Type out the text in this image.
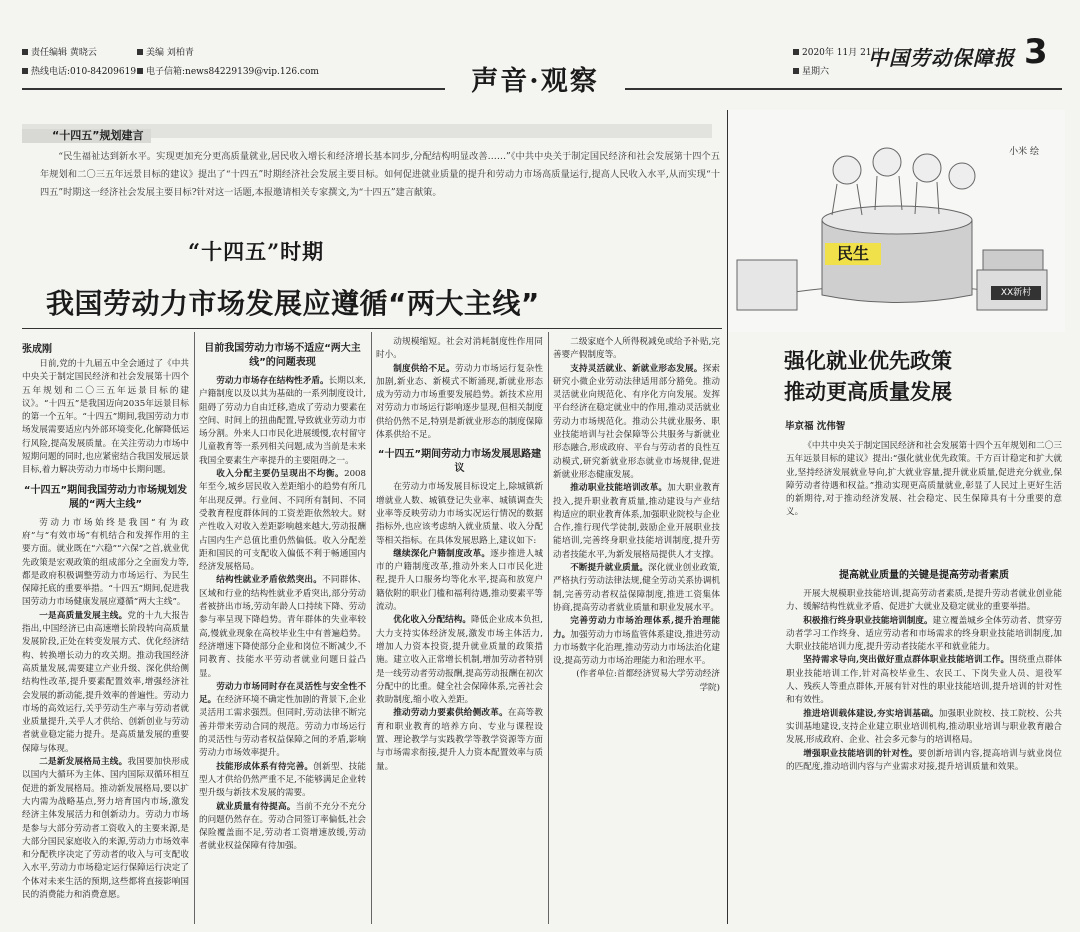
责任编辑 黄晓云
热线电话:010-84209619
美编 刘柏青
电子信箱:news84229139@vip.126.com
2020年 11月 21日
星期六
中国劳动保障报 3
声音·观察
“十四五”规划建言
“民生福祉达到新水平。实现更加充分更高质量就业,居民收入增长和经济增长基本同步,分配结构明显改善……”《中共中央关于制定国民经济和社会发展第十四个五年规划和二〇三五年远景目标的建议》提出了“十四五”时期经济社会发展主要目标。如何促进就业质量的提升和劳动力市场高质量运行,提高人民收入水平,从而实现“十四五”时期这一经济社会发展主要目标?针对这一话题,本报邀请相关专家撰文,为“十四五”建言献策。
小米 绘
民生
XX新村
“十四五”时期
我国劳动力市场发展应遵循“两大主线”
张成刚

日前,党的十九届五中全会通过了《中共中央关于制定国民经济和社会发展第十四个五年规划和二〇三五年远景目标的建议》。“十四五”是我国迈向2035年远景目标的第一个五年。“十四五”期间,我国劳动力市场发展需要适应内外部环境变化,化解降低运行风险,提高发展质量。在关注劳动力市场中短期问题的同时,也应紧密结合我国发展远景目标,着力解决劳动力市场中长期问题。

“十四五”期间我国劳动力市场规划发展的“两大主线”

劳动力市场始终是我国“有为政府”与“有效市场”有机结合和发挥作用的主要方面。就业既在“六稳”“六保”之首,就业优先政策是宏观政策的组成部分之全面发力等,都是政府积极调整劳动力市场运行、为民生保障托底的重要举措。“十四五”期间,促进我国劳动力市场健康发展应遵循“两大主线”。

一是高质量发展主线。党的十九大报告指出,中国经济已由高速增长阶段转向高质量发展阶段,正处在转变发展方式、优化经济结构、转换增长动力的攻关期。推动我国经济高质量发展,需要建立产业升级、深化供给侧结构性改革,提升要素配置效率,增强经济社会发展的新动能,提升效率的普遍性。劳动力市场的高效运行,关乎劳动生产率与劳动者就业质量提升,关乎人才供给、创新创业与劳动者就业稳定能力提升。是高质量发展的重要保障与体现。

二是新发展格局主线。我国要加快形成以国内大循环为主体、国内国际双循环相互促进的新发展格局。推动新发展格局,要以扩大内需为战略基点,努力培育国内市场,激发经济主体发展活力和创新动力。劳动力市场是参与大部分劳动者工资收入的主要来源,是大部分国民家庭收入的来源,劳动力市场效率和分配秩序决定了劳动者的收入与可支配收入水平,劳动力市场稳定运行保障运行决定了个体对未来生活的预期,这些都将直接影响国民的消费能力和消费意愿。

目前我国劳动力市场不适应“两大主线”的问题表现

劳动力市场存在结构性矛盾。长期以来,户籍制度以及以其为基础的一系列制度设计,阻碍了劳动力自由迁移,造成了劳动力要素在空间、时间上的扭曲配置,导致就业劳动力市场分割。外来人口市民化进展缓慢,农村留守儿童教育等一系列相关问题,成为当前是未来我国全要素生产率提升的主要阻碍之一。

收入分配主要仍呈现出不均衡。2008年至今,城乡居民收入差距缩小的趋势有所几年出现反弹。行业间、不同所有制间、不同受教育程度群体间的工资差距依然较大。财产性收入对收入差距影响越来越大,劳动报酬占国内生产总值比重仍然偏低。收入分配差距和国民的可支配收入偏低不利于畅通国内经济发展格局。

结构性就业矛盾依然突出。不同群体、区域和行业的结构性就业矛盾突出,部分劳动者被挤出市场,劳动年龄人口持续下降、劳动参与率呈现下降趋势。青年群体的失业率较高,慢就业现象在高校毕业生中有普遍趋势。经济增速下降使部分企业和岗位不断减少,不同教育、技能水平劳动者就业问题日益凸显。

劳动力市场同时存在灵活性与安全性不足。在经济环境不确定性加剧的背景下,企业灵活用工需求强烈。但同时,劳动法律不断完善并带来劳动合同的规范。劳动力市场运行的灵活性与劳动者权益保障之间的矛盾,影响劳动力市场效率提升。

技能形成体系有待完善。创新型、技能型人才供给仍然严重不足,不能够满足企业转型升级与新技术发展的需要。

就业质量有待提高。当前不充分不充分的问题仍然存在。劳动合同签订率偏低,社会保险覆盖面不足,劳动者工资增速放缓,劳动者就业权益保障有待加强。

动规模缩短。社会对消耗制度性作用同时小。

制度供给不足。劳动力市场运行复杂性加剧,新业态、新模式不断涌现,新就业形态成为劳动力市场重要发展趋势。新技术应用对劳动力市场运行影响逐步显现,但相关制度供给仍然不足,特别是新就业形态的制度保障体系供给不足。

“十四五”期间劳动力市场发展思路建议

在劳动力市场发展目标设定上,除城镇新增就业人数、城镇登记失业率、城镇调查失业率等反映劳动力市场实况运行情况的数据指标外,也应该考虑纳入就业质量、收入分配等相关指标。在具体发展思路上,建议如下:

继续深化户籍制度改革。逐步推进人城市的户籍制度改革,推动外来人口市民化进程,提升人口服务均等化水平,提高和放宽户籍依附的职业门槛和福利待遇,推动要素平等流动。

优化收入分配结构。降低企业成本负担,大力支持实体经济发展,激发市场主体活力,增加人力资本投资,提升就业质量的政策措施。建立收入正常增长机制,增加劳动者特别是一线劳动者劳动报酬,提高劳动报酬在初次分配中的比重。健全社会保障体系,完善社会救助制度,缩小收入差距。

推动劳动力要素供给侧改革。在高等教育和职业教育的培养方向、专业与课程设置、理论教学与实践教学等教学资源等方面与市场需求衔接,提升人力资本配置效率与质量。

二级家庭个人所得税减免或给予补贴,完善婴产假制度等。

支持灵活就业、新就业形态发展。探索研究小微企业劳动法律适用部分豁免。推动灵活就业向规范化、有序化方向发展。发挥平台经济在稳定就业中的作用,推动灵活就业劳动力市场规范化。推动公共就业服务、职业技能培训与社会保障等公共服务与新就业形态融合,形成政府、平台与劳动者的良性互动模式,研究新就业形态就业市场规律,促进新就业形态健康发展。

推动职业技能培训改革。加大职业教育投入,提升职业教育质量,推动建设与产业结构适应的职业教育体系,加强职业院校与企业合作,推行现代学徒制,鼓励企业开展职业技能培训,完善终身职业技能培训制度,提升劳动者技能水平,为新发展格局提供人才支撑。

不断提升就业质量。深化就业创业政策,严格执行劳动法律法规,健全劳动关系协调机制,完善劳动者权益保障制度,推进工资集体协商,提高劳动者就业质量和职业发展水平。

完善劳动力市场治理体系,提升治理能力。加强劳动力市场监管体系建设,推进劳动力市场数字化治理,推动劳动力市场法治化建设,提高劳动力市场治理能力和治理水平。

(作者单位:首都经济贸易大学劳动经济学院)

强化就业优先政策
推动更高质量发展
毕京福 沈伟智

《中共中央关于制定国民经济和社会发展第十四个五年规划和二〇三五年远景目标的建议》提出:“强化就业优先政策。千方百计稳定和扩大就业,坚持经济发展就业导向,扩大就业容量,提升就业质量,促进充分就业,保障劳动者待遇和权益。”推动实现更高质量就业,彰显了人民过上更好生活的新期待,对于推动经济发展、社会稳定、民生保障具有十分重要的意义。

提高就业质量的关键是提高劳动者素质

开展大规模职业技能培训,提高劳动者素质,是提升劳动者就业创业能力、缓解结构性就业矛盾、促进扩大就业及稳定就业的重要举措。

积极推行终身职业技能培训制度。建立覆盖城乡全体劳动者、贯穿劳动者学习工作终身、适应劳动者和市场需求的终身职业技能培训制度,加大职业技能培训力度,提升劳动者技能水平和就业能力。

坚持需求导向,突出做好重点群体职业技能培训工作。围绕重点群体职业技能培训工作,针对高校毕业生、农民工、下岗失业人员、退役军人、残疾人等重点群体,开展有针对性的职业技能培训,提升培训的针对性和有效性。

推进培训载体建设,夯实培训基础。加强职业院校、技工院校、公共实训基地建设,支持企业建立职业培训机构,推动职业培训与职业教育融合发展,形成政府、企业、社会多元参与的培训格局。

增强职业技能培训的针对性。要创新培训内容,提高培训与就业岗位的匹配度,推动培训内容与产业需求对接,提升培训质量和效果。
